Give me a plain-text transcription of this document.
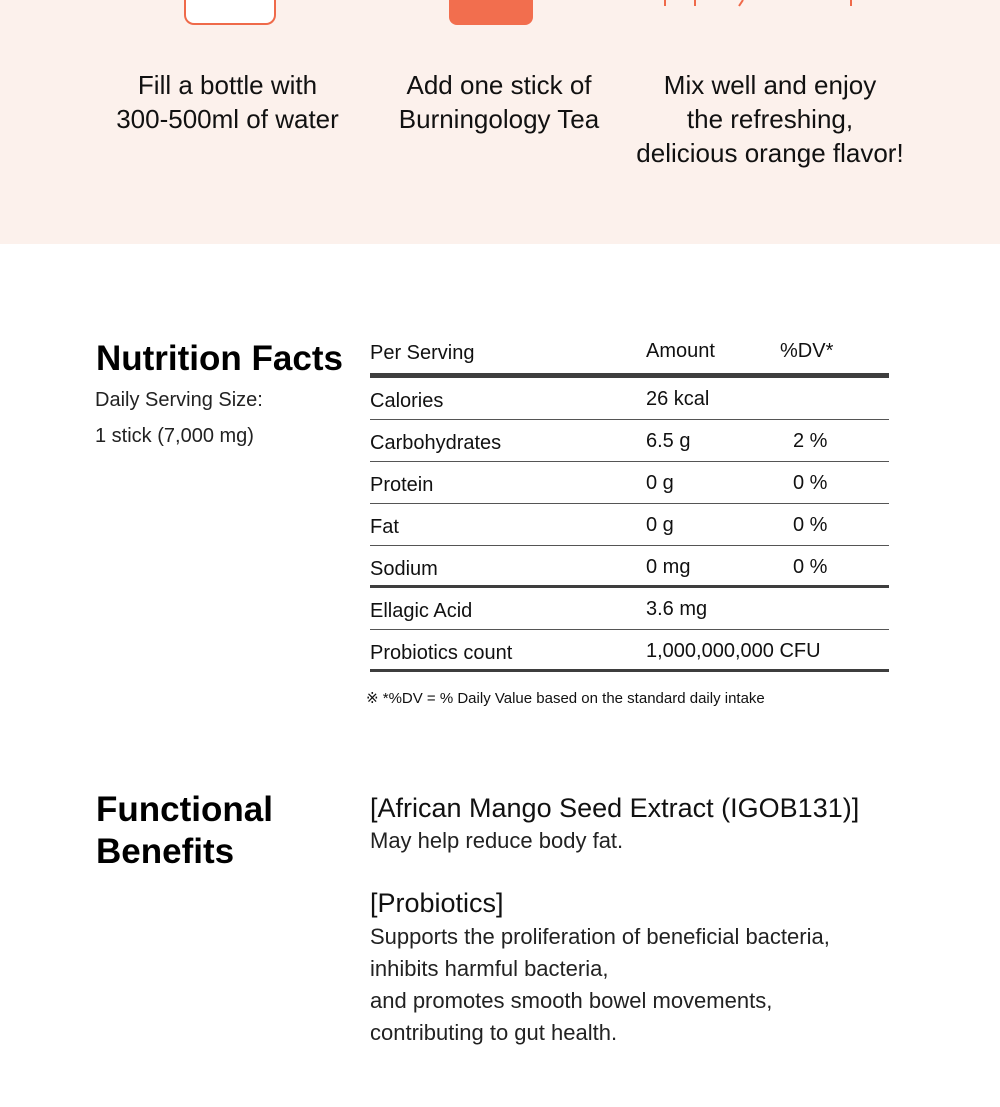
Fill a bottle with
300-500ml of water
Add one stick of
Burningology Tea
Mix well and enjoy
the refreshing,
delicious orange flavor!
Nutrition Facts
Daily Serving Size:
1 stick (7,000 mg)
Per Serving	Amount	%DV*
Calories	26 kcal
Carbohydrates	6.5 g	2 %
Protein	0 g	0 %
Fat	0 g	0 %
Sodium	0 mg	0 %
Ellagic Acid	3.6 mg
Probiotics count	1,000,000,000 CFU
※ *%DV = % Daily Value based on the standard daily intake
Functional
Benefits
[African Mango Seed Extract (IGOB131)]
May help reduce body fat.
[Probiotics]
Supports the proliferation of beneficial bacteria,
inhibits harmful bacteria,
and promotes smooth bowel movements,
contributing to gut health.
